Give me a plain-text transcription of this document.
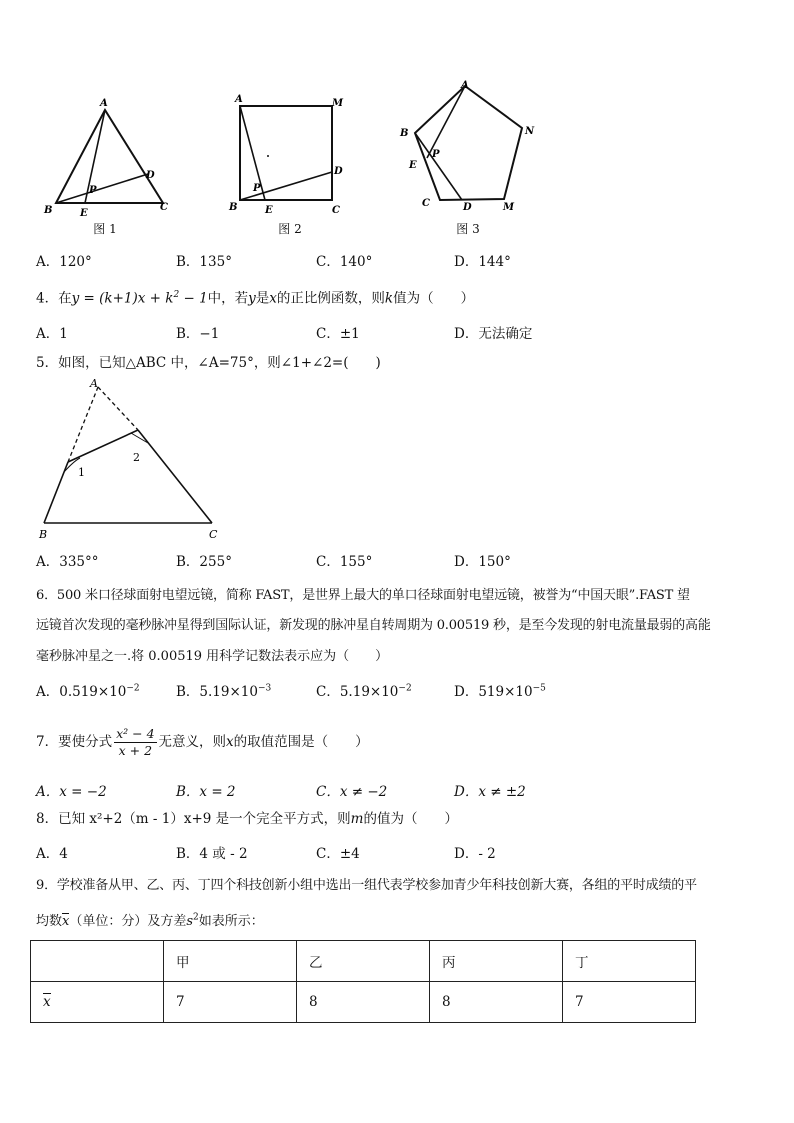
A
B	C
D
E
P
图 1
A	M
B	E	C
D
P
图 2
A
N
B
E
P
C	D	M
图 3
A．120°	B．135°	C．140°	D．144°
4．在$y = (k+1)x + k^2 - 1$中，若y是x的正比例函数，则k值为（　　）
A．1	B．−1	C．±1	D．无法确定
5．如图，已知△ABC 中，∠A=75°，则∠1+∠2=(　　)
A
1
2
B	C
A．335°°	B．255°	C．155°	D．150°
6．500 米口径球面射电望远镜，简称 FAST，是世界上最大的单口径球面射电望远镜，被誉为“中国天眼”.FAST 望
远镜首次发现的毫秒脉冲星得到国际认证，新发现的脉冲星自转周期为 0.00519 秒，是至今发现的射电流量最弱的高能
毫秒脉冲星之一.将 0.00519 用科学记数法表示应为（　　）
A．$0.519\times 10^{-2}$	B．$5.19\times 10^{-3}$	C．$5.19\times 10^{-2}$	D．$519\times 10^{-5}$
7．要使分式 $\frac{\text{x² − 4}}{x + 2}$ 无意义，则x的取值范围是（　　）
A．x = −2	B．x = 2	C．x ≠ −2	D．x ≠ ±2
8．已知 x²+2（m - 1）x+9 是一个完全平方式，则m的值为（　　）
A．4	B．4 或 - 2	C．±4	D．- 2
9．学校准备从甲、乙、丙、丁四个科技创新小组中选出一组代表学校参加青少年科技创新大赛，各组的平时成绩的平
均数x（单位：分）及方差$s^2$如表所示：
	甲	乙	丙	丁
x	7	8	8	7
